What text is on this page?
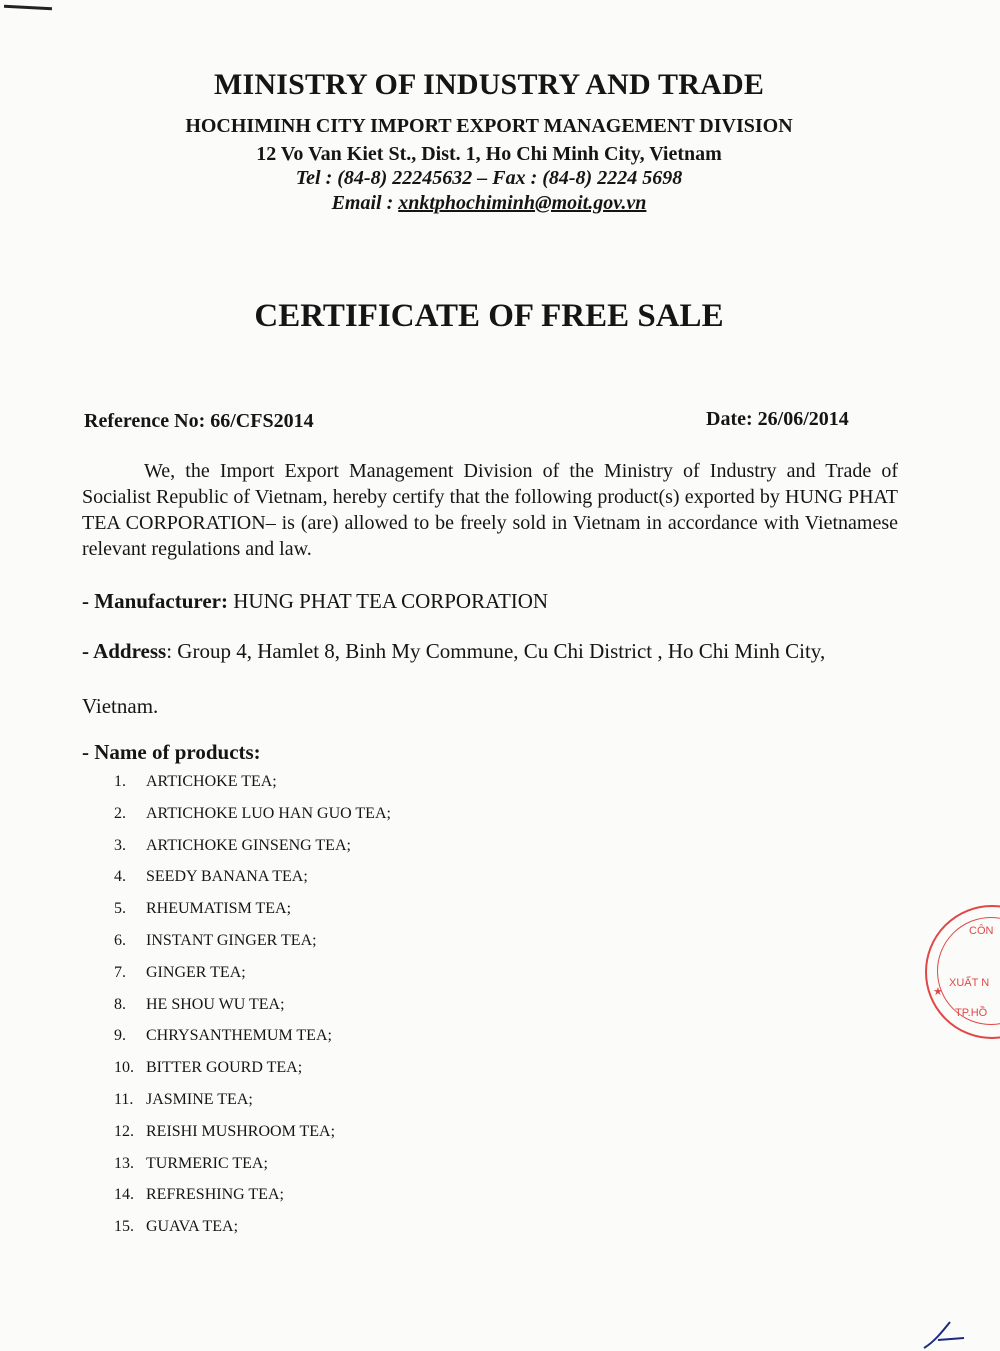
MINISTRY OF INDUSTRY AND TRADE
HOCHIMINH CITY IMPORT EXPORT MANAGEMENT DIVISION
12 Vo Van Kiet St., Dist. 1, Ho Chi Minh City, Vietnam
Tel : (84-8) 22245632 – Fax : (84-8) 2224 5698
Email : xnktphochiminh@moit.gov.vn
CERTIFICATE OF FREE SALE
Reference No: 66/CFS2014	Date: 26/06/2014
We, the Import Export Management Division of the Ministry of Industry and Trade of Socialist Republic of Vietnam, hereby certify that the following product(s) exported by HUNG PHAT TEA CORPORATION– is (are) allowed to be freely sold in Vietnam in accordance with Vietnamese relevant regulations and law.
- Manufacturer: HUNG PHAT TEA CORPORATION
- Address: Group 4, Hamlet 8, Binh My Commune, Cu Chi District , Ho Chi Minh City,
Vietnam.
- Name of products:
1.	ARTICHOKE TEA;
2.	ARTICHOKE LUO HAN GUO TEA;
3.	ARTICHOKE GINSENG TEA;
4.	SEEDY BANANA TEA;
5.	RHEUMATISM TEA;
6.	INSTANT GINGER TEA;
7.	GINGER TEA;
8.	HE SHOU WU TEA;
9.	CHRYSANTHEMUM TEA;
10. BITTER GOURD TEA;
11. JASMINE TEA;
12. REISHI MUSHROOM TEA;
13. TURMERIC TEA;
14. REFRESHING TEA;
15. GUAVA TEA;
CÔN
★
XUẤT N
TP.HỒ
